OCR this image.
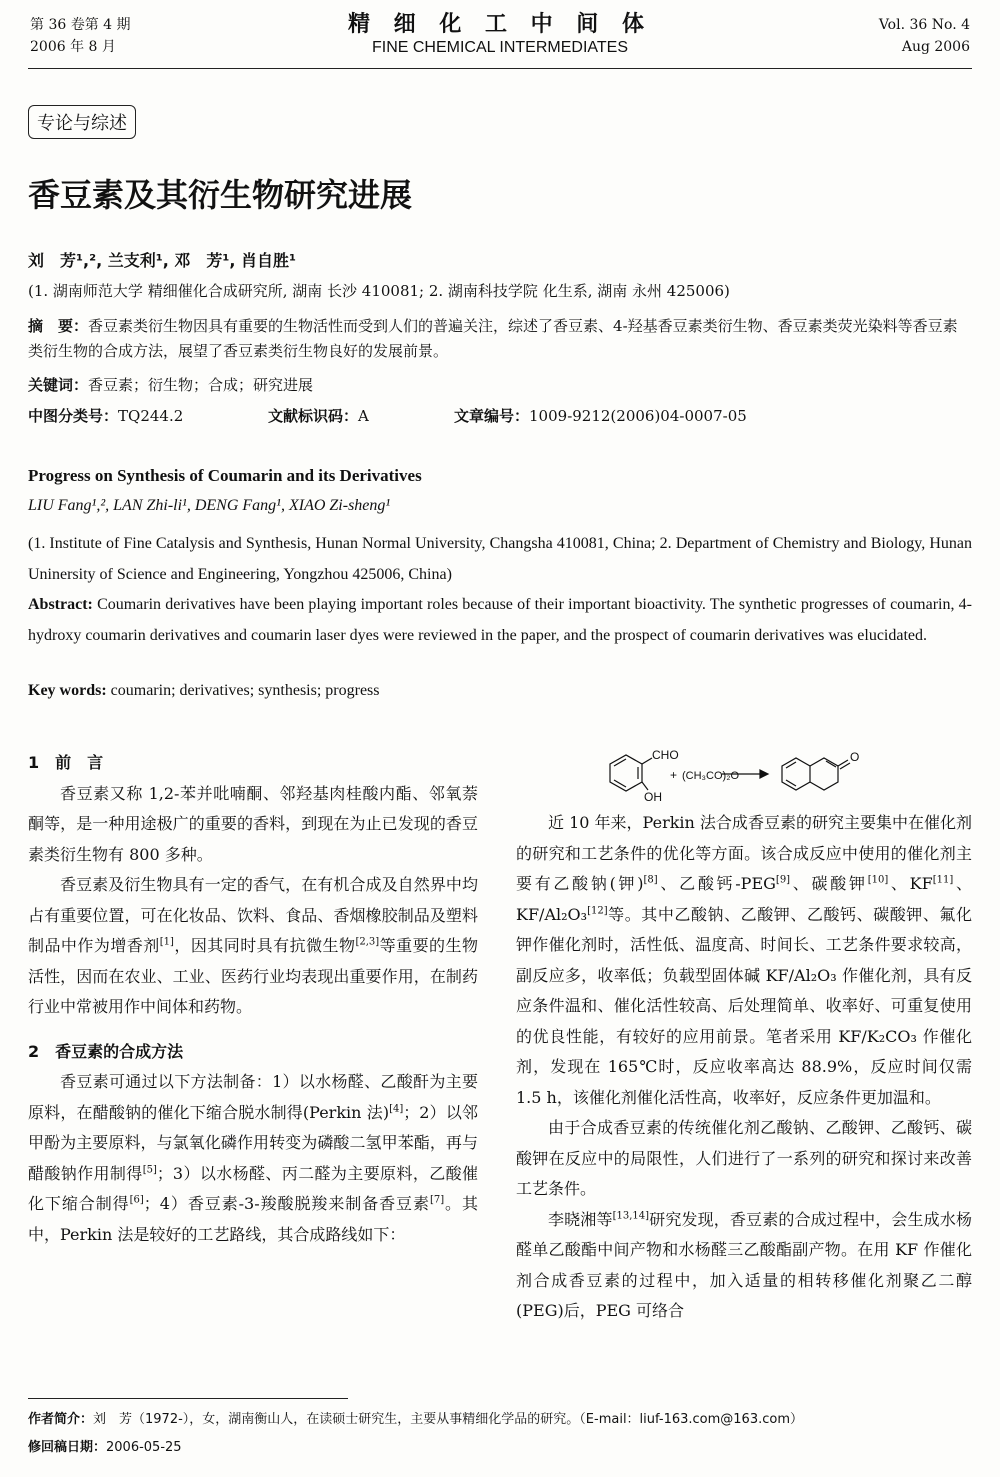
第 36 卷第 4 期
2006 年 8 月
精 细 化 工 中 间 体
FINE CHEMICAL INTERMEDIATES
Vol. 36 No. 4
Aug 2006
专论与综述
香豆素及其衍生物研究进展
刘　芳¹,², 兰支利¹, 邓　芳¹, 肖自胜¹
(1. 湖南师范大学 精细催化合成研究所, 湖南 长沙 410081; 2. 湖南科技学院 化生系, 湖南 永州 425006)
摘　要：香豆素类衍生物因具有重要的生物活性而受到人们的普遍关注，综述了香豆素、4-羟基香豆素类衍生物、香豆素类荧光染料等香豆素类衍生物的合成方法，展望了香豆素类衍生物良好的发展前景。
关键词：香豆素；衍生物；合成；研究进展
中图分类号：TQ244.2	文献标识码：A	文章编号：1009-9212(2006)04-0007-05
Progress on Synthesis of Coumarin and its Derivatives
LIU Fang¹,², LAN Zhi-li¹, DENG Fang¹, XIAO Zi-sheng¹
(1. Institute of Fine Catalysis and Synthesis, Hunan Normal University, Changsha 410081, China; 2. Department of Chemistry and Biology, Hunan Uninersity of Science and Engineering, Yongzhou 425006, China)
Abstract: Coumarin derivatives have been playing important roles because of their important bioactivity. The synthetic progresses of coumarin, 4-hydroxy coumarin derivatives and coumarin laser dyes were reviewed in the paper, and the prospect of coumarin derivatives was elucidated.
Key words: coumarin; derivatives; synthesis; progress

1　前　言

香豆素又称 1,2-苯并吡喃酮、邻羟基肉桂酸内酯、邻氧萘酮等，是一种用途极广的重要的香料，到现在为止已发现的香豆素类衍生物有 800 多种。

香豆素及衍生物具有一定的香气，在有机合成及自然界中均占有重要位置，可在化妆品、饮料、食品、香烟橡胶制品及塑料制品中作为增香剂[1]，因其同时具有抗微生物[2,3]等重要的生物活性，因而在农业、工业、医药行业均表现出重要作用，在制药行业中常被用作中间体和药物。

2　香豆素的合成方法

香豆素可通过以下方法制备：1）以水杨醛、乙酸酐为主要原料，在醋酸钠的催化下缩合脱水制得(Perkin 法)[4]；2）以邻甲酚为主要原料，与氯氧化磷作用转变为磷酸二氢甲苯酯，再与醋酸钠作用制得[5]；3）以水杨醛、丙二醛为主要原料，乙酸催化下缩合制得[6]；4）香豆素-3-羧酸脱羧来制备香豆素[7]。其中，Perkin 法是较好的工艺路线，其合成路线如下：

CHO
OH
+ (CH₃CO)₂O
O

近 10 年来，Perkin 法合成香豆素的研究主要集中在催化剂的研究和工艺条件的优化等方面。该合成反应中使用的催化剂主要有乙酸钠(钾)[8]、乙酸钙-PEG[9]、碳酸钾[10]、KF[11]、KF/Al₂O₃[12]等。其中乙酸钠、乙酸钾、乙酸钙、碳酸钾、氟化钾作催化剂时，活性低、温度高、时间长、工艺条件要求较高，副反应多，收率低；负载型固体碱 KF/Al₂O₃ 作催化剂，具有反应条件温和、催化活性较高、后处理简单、收率好、可重复使用的优良性能，有较好的应用前景。笔者采用 KF/K₂CO₃ 作催化剂，发现在 165℃时，反应收率高达 88.9%，反应时间仅需 1.5 h，该催化剂催化活性高，收率好，反应条件更加温和。

由于合成香豆素的传统催化剂乙酸钠、乙酸钾、乙酸钙、碳酸钾在反应中的局限性，人们进行了一系列的研究和探讨来改善工艺条件。

李晓湘等[13,14]研究发现，香豆素的合成过程中，会生成水杨醛单乙酸酯中间产物和水杨醛三乙酸酯副产物。在用 KF 作催化剂合成香豆素的过程中，加入适量的相转移催化剂聚乙二醇(PEG)后，PEG 可络合

作者简介：刘　芳（1972-），女，湖南衡山人，在读硕士研究生，主要从事精细化学品的研究。（E-mail：liuf-163.com@163.com）
修回稿日期：2006-05-25
